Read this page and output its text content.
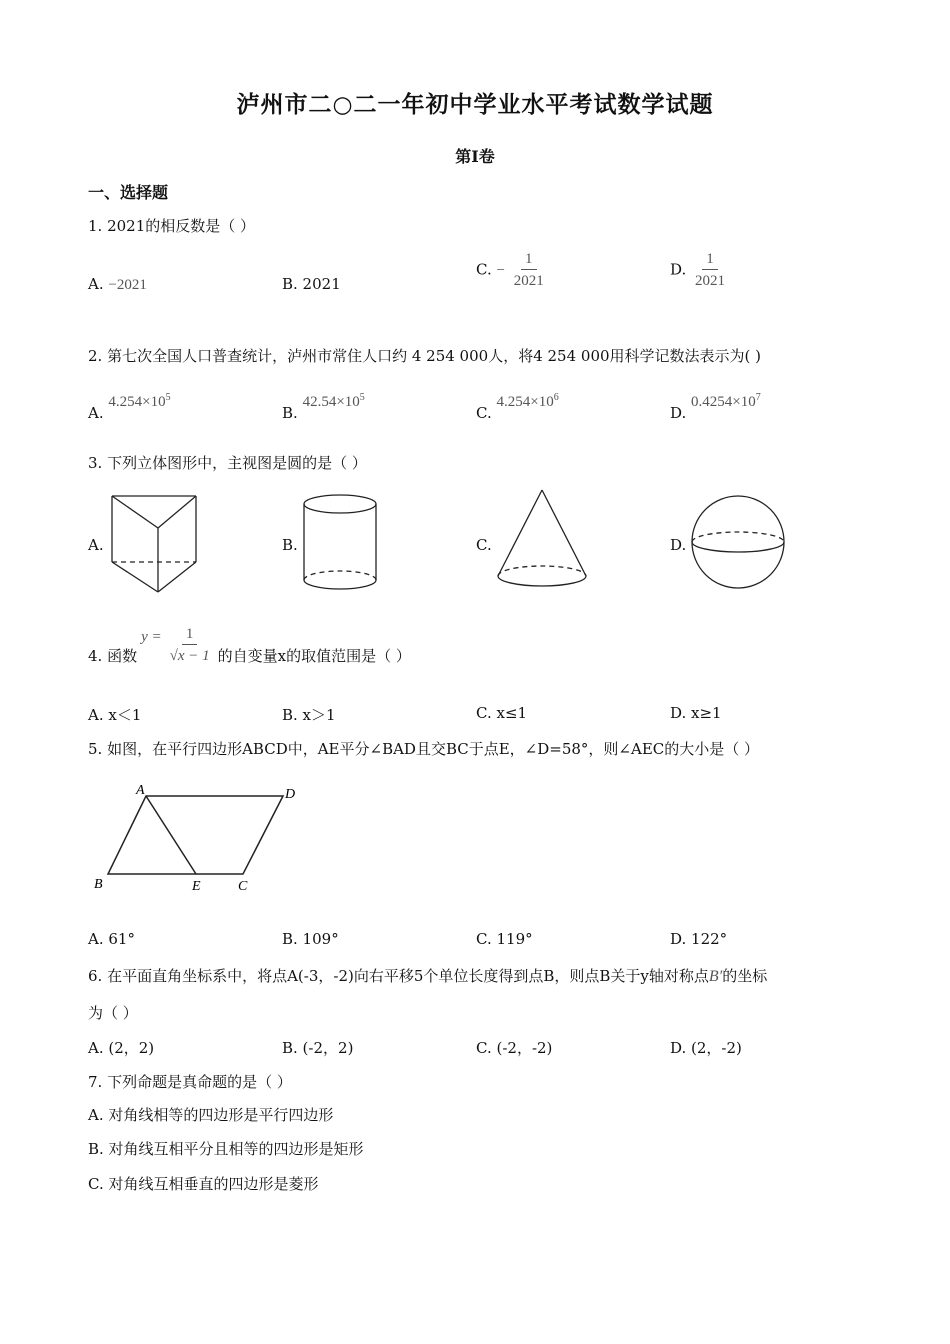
泸州市二○二一年初中学业水平考试数学试题
第Ⅰ卷
一、选择题
1. 2021的相反数是（ ）
A. −2021	B. 2021
C. − $\frac{1}{2021}$	D. $\frac{1}{2021}$
2. 第七次全国人口普查统计，泸州市常住人口约 4 254 000人，将4 254 000用科学记数法表示为( )
A. $4.254\times 10^5$
B. $42.54\times 10^5$
C. $4.254\times 10^6$
D. $0.4254\times 10^7$
3. 下列立体图形中，主视图是圆的是（ ）
A.	B.	C.	D.
4. 函数
$y = \frac{1}{√x - 1}$ 的自变量x的取值范围是（ ）
A. x＜1	B. x＞1	C. x≤1	D. x≥1
5. 如图，在平行四边形ABCD中，AE平分∠BAD且交BC于点E，∠D=58°，则∠AEC的大小是（ ）
A	D
B	E	C
A. 61°	B. 109°	C. 119°	D. 122°
6. 在平面直角坐标系中，将点A(-3，-2)向右平移5个单位长度得到点B，则点B关于y轴对称点B′的坐标
为（ ）
A. (2，2)	B. (-2，2)	C. (-2，-2)	D. (2，-2)
7. 下列命题是真命题的是（ ）
A. 对角线相等的四边形是平行四边形
B. 对角线互相平分且相等的四边形是矩形
C. 对角线互相垂直的四边形是菱形
